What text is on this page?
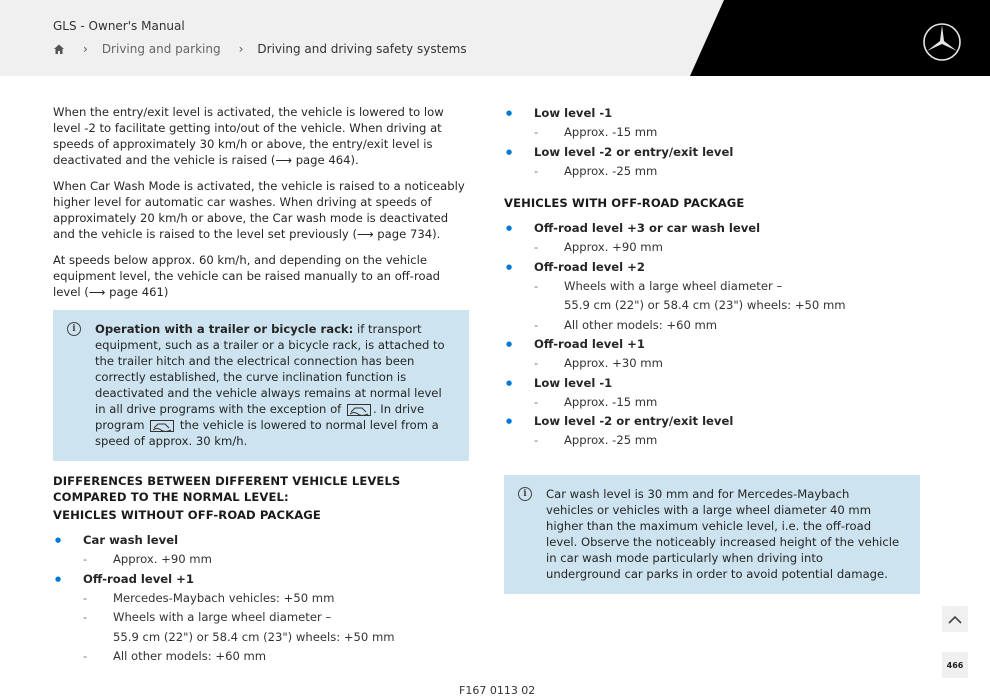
GLS - Owner's Manual
› Driving and parking › Driving and driving safety systems

When the entry/exit level is activated, the vehicle is lowered to low level -2 to facilitate getting into/out of the vehicle. When driving at speeds of approximately 30 km/h or above, the entry/exit level is deactivated and the vehicle is raised (⟶ page 464).

When Car Wash Mode is activated, the vehicle is raised to a noticeably higher level for automatic car washes. When driving at speeds of approximately 20 km/h or above, the Car wash mode is deactivated and the vehicle is raised to the level set previously (⟶ page 734).

At speeds below approx. 60 km/h, and depending on the vehicle equipment level, the vehicle can be raised manually to an off-road level (⟶ page 461)

i	Operation with a trailer or bicycle rack: if transport equipment, such as a trailer or a bicycle rack, is attached to the trailer hitch and the electrical connection has been correctly established, the curve inclination function is deactivated and the vehicle always remains at normal level in all drive programs with the exception of
. In drive program
the vehicle is lowered to normal level from a speed of approx. 30 km/h.

DIFFERENCES BETWEEN DIFFERENT VEHICLE LEVELS COMPARED TO THE NORMAL LEVEL:
VEHICLES WITHOUT OFF-ROAD PACKAGE
● Car wash level
- Approx. +90 mm
● Off-road level +1
- Mercedes-Maybach vehicles: +50 mm
- Wheels with a large wheel diameter –
55.9 cm (22") or 58.4 cm (23") wheels: +50 mm
- All other models: +60 mm
● Low level -1
- Approx. -15 mm
● Low level -2 or entry/exit level
- Approx. -25 mm
VEHICLES WITH OFF-ROAD PACKAGE
● Off-road level +3 or car wash level
- Approx. +90 mm
● Off-road level +2
- Wheels with a large wheel diameter –
55.9 cm (22") or 58.4 cm (23") wheels: +50 mm
- All other models: +60 mm
● Off-road level +1
- Approx. +30 mm
● Low level -1
- Approx. -15 mm
● Low level -2 or entry/exit level
- Approx. -25 mm
i	Car wash level is 30 mm and for Mercedes-Maybach vehicles or vehicles with a large wheel diameter 40 mm higher than the maximum vehicle level, i.e. the off-road level. Observe the noticeably increased height of the vehicle in car wash mode particularly when driving into underground car parks in order to avoid potential damage.

F167 0113 02
466
